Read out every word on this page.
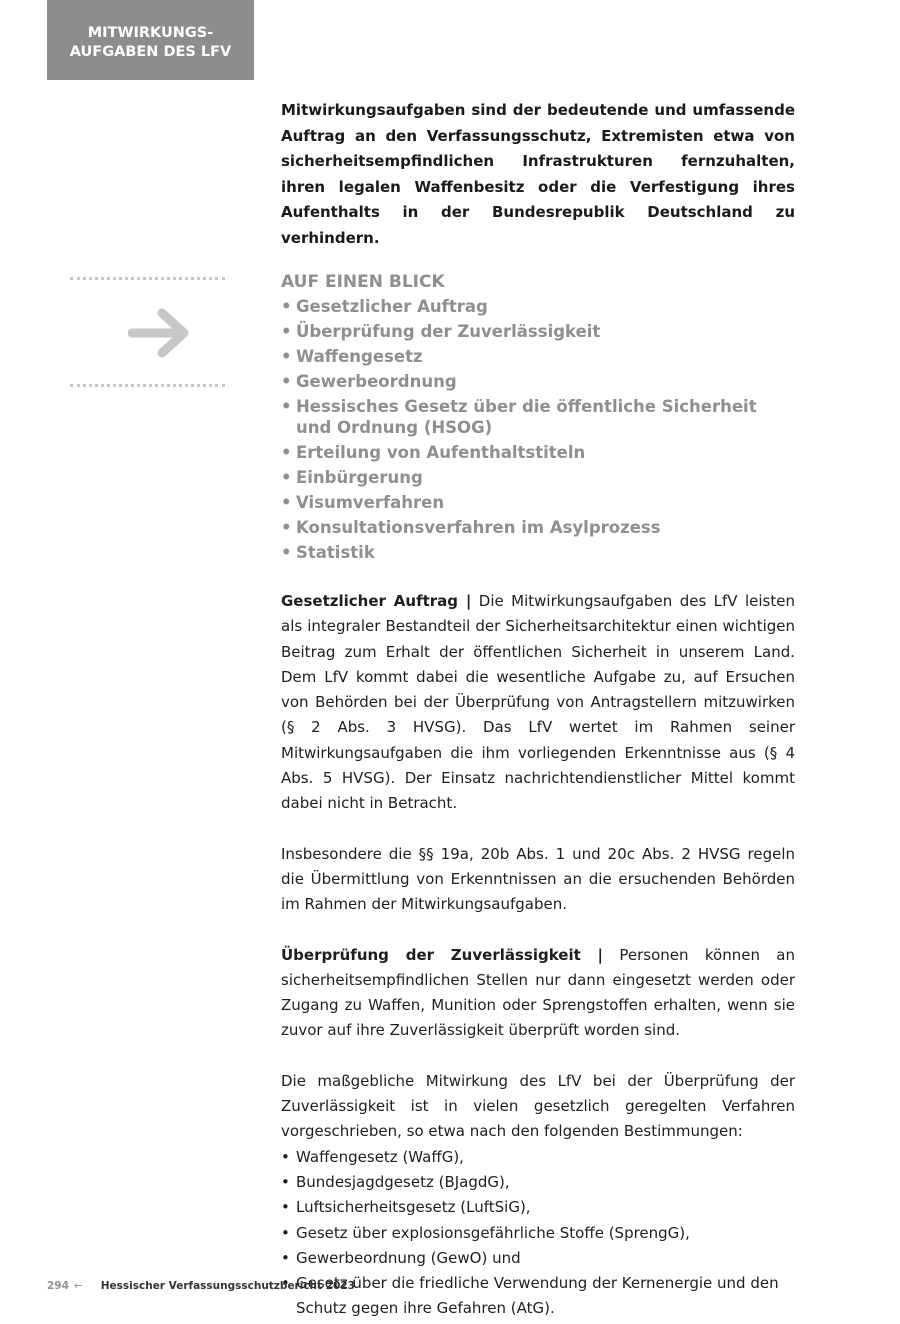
MITWIRKUNGS-
AUFGABEN DES LFV

Mitwirkungsaufgaben sind der bedeutende und umfassende Auftrag an den Verfassungsschutz, Extremisten etwa von sicherheitsempfindlichen Infrastrukturen fernzuhalten, ihren legalen Waffenbesitz oder die Verfestigung ihres Aufenthalts in der Bundesrepublik Deutschland zu verhindern.

AUF EINEN BLICK
• Gesetzlicher Auftrag
• Überprüfung der Zuverlässigkeit
• Waffengesetz
• Gewerbeordnung
• Hessisches Gesetz über die öffentliche Sicherheit und Ordnung (HSOG)
• Erteilung von Aufenthaltstiteln
• Einbürgerung
• Visumverfahren
• Konsultationsverfahren im Asylprozess
• Statistik

Gesetzlicher Auftrag | Die Mitwirkungsaufgaben des LfV leisten als integraler Bestandteil der Sicherheitsarchitektur einen wichtigen Beitrag zum Erhalt der öffentlichen Sicherheit in unserem Land. Dem LfV kommt dabei die wesentliche Aufgabe zu, auf Ersuchen von Behörden bei der Überprüfung von Antragstellern mitzuwirken (§ 2 Abs. 3 HVSG). Das LfV wertet im Rahmen seiner Mitwirkungsaufgaben die ihm vorliegenden Erkenntnisse aus (§ 4 Abs. 5 HVSG). Der Einsatz nachrichtendienstlicher Mittel kommt dabei nicht in Betracht.

Insbesondere die §§ 19a, 20b Abs. 1 und 20c Abs. 2 HVSG regeln die Übermittlung von Erkenntnissen an die ersuchenden Behörden im Rahmen der Mitwirkungsaufgaben.

Überprüfung der Zuverlässigkeit | Personen können an sicherheitsempfindlichen Stellen nur dann eingesetzt werden oder Zugang zu Waffen, Munition oder Sprengstoffen erhalten, wenn sie zuvor auf ihre Zuverlässigkeit überprüft worden sind.

Die maßgebliche Mitwirkung des LfV bei der Überprüfung der Zuverlässigkeit ist in vielen gesetzlich geregelten Verfahren vorgeschrieben, so etwa nach den folgenden Bestimmungen:

• Waffengesetz (WaffG),
• Bundesjagdgesetz (BJagdG),
• Luftsicherheitsgesetz (LuftSiG),
• Gesetz über explosionsgefährliche Stoffe (SprengG),
• Gewerbeordnung (GewO) und
• Gesetz über die friedliche Verwendung der Kernenergie und den Schutz gegen ihre Gefahren (AtG).
294 ← Hessischer Verfassungsschutzbericht 2023
